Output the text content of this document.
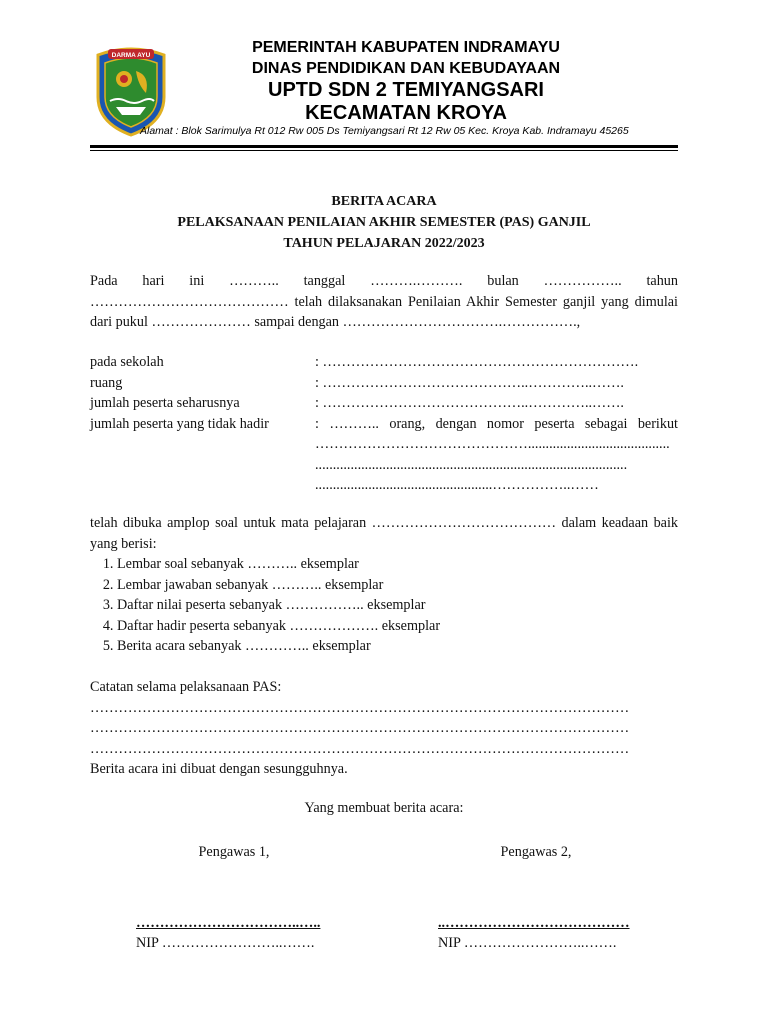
DARMA AYU	PEMERINTAH KABUPATEN INDRAMAYU
DINAS PENDIDIKAN DAN KEBUDAYAAN
UPTD SDN 2 TEMIYANGSARI
KECAMATAN KROYA
Alamat : Blok Sarimulya Rt 012 Rw 005 Ds Temiyangsari Rt 12 Rw 05 Kec. Kroya Kab. Indramayu 45265
BERITA ACARA
PELAKSANAAN PENILAIAN AKHIR SEMESTER (PAS) GANJIL
TAHUN PELAJARAN 2022/2023
Pada hari ini ……….. tanggal ……….………. bulan …………….. tahun …………………………………… telah dilaksanakan Penilaian Akhir Semester ganjil yang dimulai dari pukul ………………… sampai dengan …………………………….…………….,
pada sekolah	: ………………………………………………………….
ruang	: ……………………………………..…………..…….
jumlah peserta seharusnya	: ……………………………………..…………..…….
jumlah peserta yang tidak hadir	: ……….. orang, dengan nomor peserta sebagai berikut ………………………………………........................................ ........................................................................................ ..................................................……………..……
telah dibuka amplop soal untuk mata pelajaran ………………………………… dalam keadaan baik yang berisi:
1. Lembar soal sebanyak ……….. eksemplar
2. Lembar jawaban sebanyak ……….. eksemplar
3. Daftar nilai peserta sebanyak …………….. eksemplar
4. Daftar hadir peserta sebanyak ………………. eksemplar
5. Berita acara sebanyak ………….. eksemplar
Catatan selama pelaksanaan PAS:
……………………………………………………………………………………………………
……………………………………………………………………………………………………
……………………………………………………………………………………………………
Berita acara ini dibuat dengan sesungguhnya.
Yang membuat berita acara:
Pengawas 1,
……………………………..…..
NIP ……………………..…….
Pengawas 2,
..…………………………………
NIP ……………………..…….
